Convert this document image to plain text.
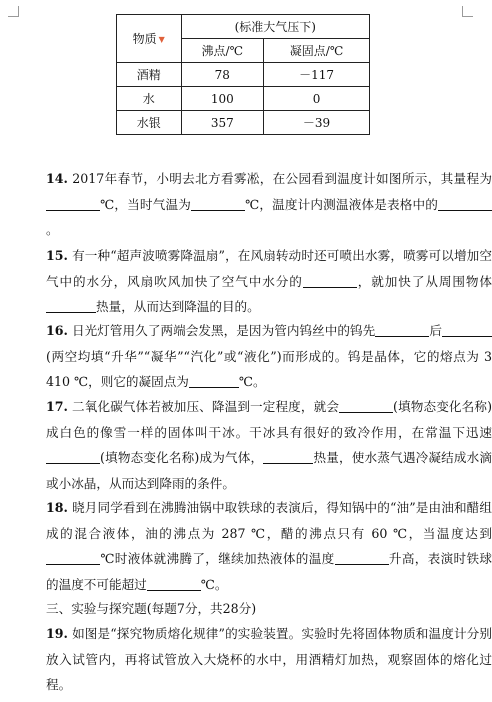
物质 ▼	(标准大气压下)	
	沸点/℃	凝固点/℃
酒精	78	－117
水	100	0
水银	357	－39
14. 2017年春节，小明去北方看雾凇，在公园看到温度计如图所示，其量程为℃，当时气温为	℃，温度计内测温液体是表格中的。
15. 有一种“超声波喷雾降温扇”，在风扇转动时还可喷出水雾，喷雾可以增加空气中的水分，风扇吹风加快了空气中水分的	，就加快了从周围物体热量，从而达到降温的目的。
16. 日光灯管用久了两端会发黑，是因为管内钨丝中的钨先	后(两空均填“升华”“凝华”“汽化”或“液化”)而形成的。钨是晶体，它的熔点为 3 410 ℃，则它的凝固点为	℃。
17. 二氧化碳气体若被加压、降温到一定程度，就会	(填物态变化名称)成白色的像雪一样的固体叫干冰。干冰具有很好的致冷作用，在常温下迅速(填物态变化名称)成为气体，	热量，使水蒸气遇冷凝结成水滴或小冰晶，从而达到降雨的条件。
18. 晓月同学看到在沸腾油锅中取铁球的表演后，得知锅中的“油”是由油和醋组成的混合液体，油的沸点为 287 ℃，醋的沸点只有 60 ℃，当温度达到℃时液体就沸腾了，继续加热液体的温度	升高，表演时铁球的温度不可能超过	℃。
三、实验与探究题(每题7分，共28分)
19. 如图是“探究物质熔化规律”的实验装置。实验时先将固体物质和温度计分别放入试管内，再将试管放入大烧杯的水中，用酒精灯加热，观察固体的熔化过程。
